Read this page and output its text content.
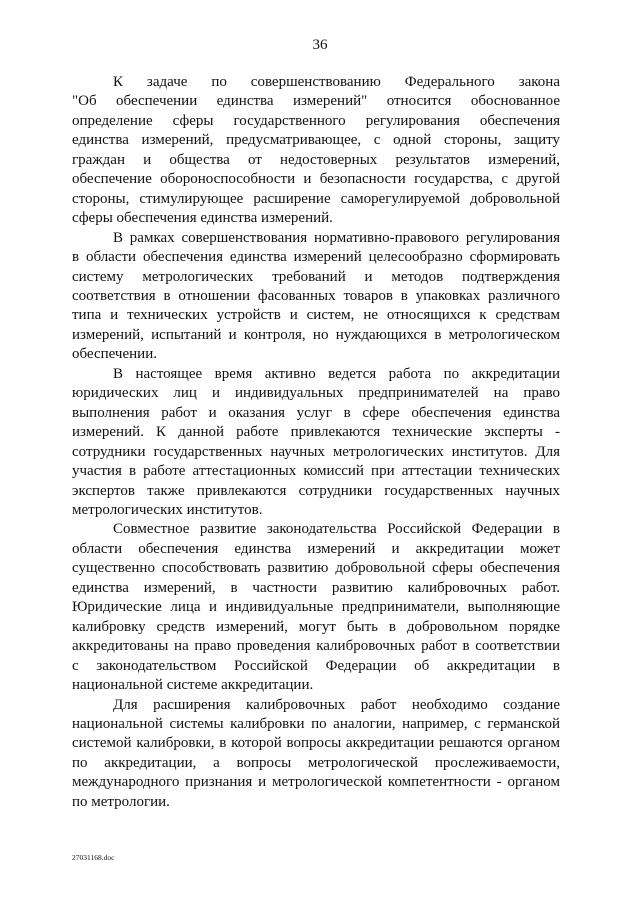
36
К задаче по совершенствованию Федерального закона
"Об обеспечении единства измерений" относится обоснованное
определение сферы государственного регулирования обеспечения
единства измерений, предусматривающее, с одной стороны, защиту
граждан и общества от недостоверных результатов измерений,
обеспечение обороноспособности и безопасности государства, с другой
стороны, стимулирующее расширение саморегулируемой добровольной
сферы обеспечения единства измерений.
В рамках совершенствования нормативно-правового регулирования
в области обеспечения единства измерений целесообразно сформировать
систему метрологических требований и методов подтверждения
соответствия в отношении фасованных товаров в упаковках различного
типа и технических устройств и систем, не относящихся к средствам
измерений, испытаний и контроля, но нуждающихся в метрологическом
обеспечении.
В настоящее время активно ведется работа по аккредитации
юридических лиц и индивидуальных предпринимателей на право
выполнения работ и оказания услуг в сфере обеспечения единства
измерений. К данной работе привлекаются технические эксперты -
сотрудники государственных научных метрологических институтов. Для
участия в работе аттестационных комиссий при аттестации технических
экспертов также привлекаются сотрудники государственных научных
метрологических институтов.
Совместное развитие законодательства Российской Федерации в
области обеспечения единства измерений и аккредитации может
существенно способствовать развитию добровольной сферы обеспечения
единства измерений, в частности развитию калибровочных работ.
Юридические лица и индивидуальные предприниматели, выполняющие
калибровку средств измерений, могут быть в добровольном порядке
аккредитованы на право проведения калибровочных работ в соответствии
с законодательством Российской Федерации об аккредитации в
национальной системе аккредитации.
Для расширения калибровочных работ необходимо создание
национальной системы калибровки по аналогии, например, с германской
системой калибровки, в которой вопросы аккредитации решаются органом
по аккредитации, а вопросы метрологической прослеживаемости,
международного признания и метрологической компетентности - органом
по метрологии.
27031168.doc
